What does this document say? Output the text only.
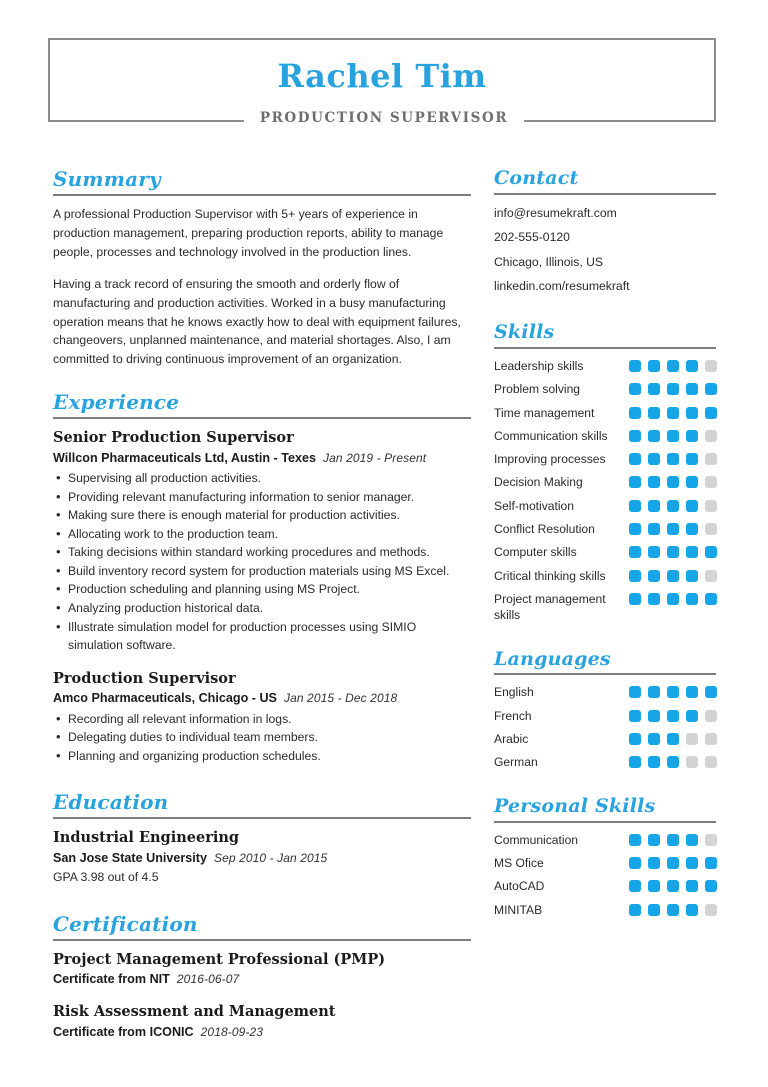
Rachel Tim
PRODUCTION SUPERVISOR
Summary

A professional Production Supervisor with 5+ years of experience in production management, preparing production reports, ability to manage people, processes and technology involved in the production lines.

Having a track record of ensuring the smooth and orderly flow of manufacturing and production activities. Worked in a busy manufacturing operation means that he knows exactly how to deal with equipment failures, changeovers, unplanned maintenance, and material shortages. Also, I am committed to driving continuous improvement of an organization.

Experience
Senior Production Supervisor
Willcon Pharmaceuticals Ltd, Austin - Texes Jan 2019 - Present
• Supervising all production activities.
• Providing relevant manufacturing information to senior manager.
• Making sure there is enough material for production activities.
• Allocating work to the production team.
• Taking decisions within standard working procedures and methods.
• Build inventory record system for production materials using MS Excel.
• Production scheduling and planning using MS Project.
• Analyzing production historical data.
• Illustrate simulation model for production processes using SIMIO simulation software.
Production Supervisor
Amco Pharmaceuticals, Chicago - US Jan 2015 - Dec 2018
• Recording all relevant information in logs.
• Delegating duties to individual team members.
• Planning and organizing production schedules.
Education
Industrial Engineering
San Jose State University Sep 2010 - Jan 2015
GPA 3.98 out of 4.5
Certification
Project Management Professional (PMP)
Certificate from NIT 2016-06-07
Risk Assessment and Management
Certificate from ICONIC 2018-09-23
Contact
info@resumekraft.com
202-555-0120
Chicago, Illinois, US
linkedin.com/resumekraft
Skills
Leadership skills
Problem solving
Time management
Communication skills
Improving processes
Decision Making
Self-motivation
Conflict Resolution
Computer skills
Critical thinking skills
Project management skills
Languages
English
French
Arabic
German
Personal Skills
Communication
MS Ofice
AutoCAD
MINITAB
